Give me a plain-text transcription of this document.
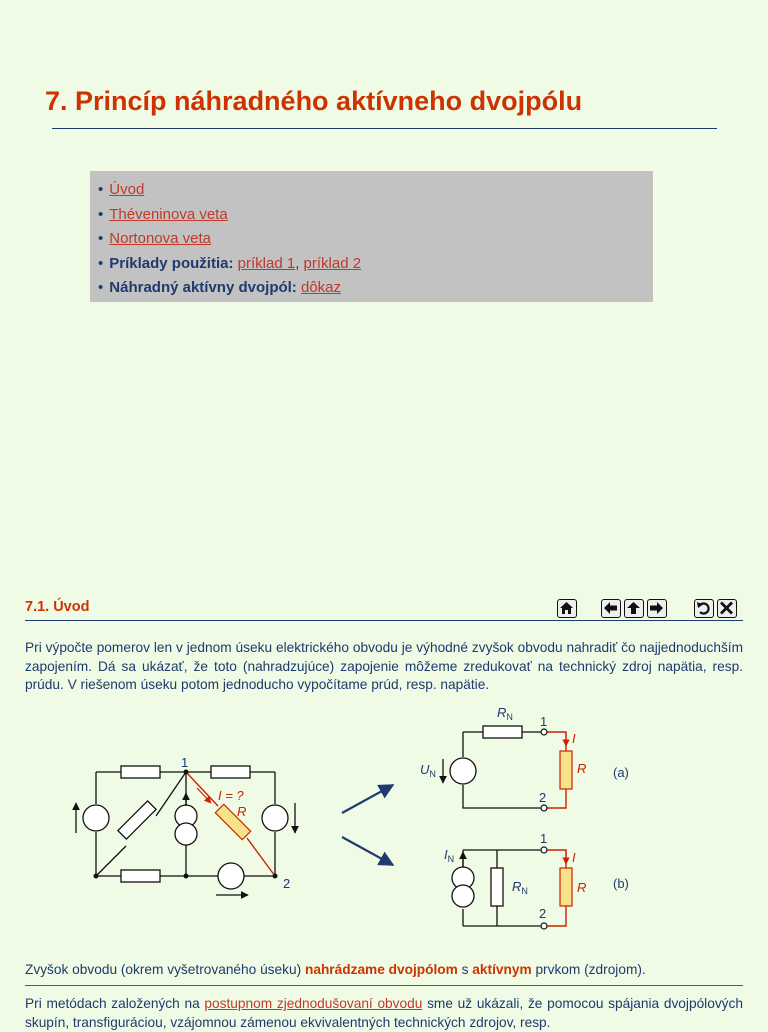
7. Princíp náhradného aktívneho dvojpólu
• Úvod
• Théveninova veta
• Nortonova veta
• Príklady použitia: príklad 1, príklad 2
• Náhradný aktívny dvojpól: dôkaz
7.1. Úvod

Pri výpočte pomerov len v jednom úseku elektrického obvodu je výhodné zvyšok obvodu nahradiť čo najjednoduchším zapojením. Dá sa ukázať, že toto (nahradzujúce) zapojenie môžeme zredukovať na technický zdroj napätia, resp. prúdu. V riešenom úseku potom jednoducho vypočítame prúd, resp. napätie.

1
2
I = ?
R
$R_N$
$U_N$
1
2
I
R (a)
$I_N$
$R_N$
1
2
I
R (b)

Zvyšok obvodu (okrem vyšetrovaného úseku) nahrádzame dvojpólom s aktívnym prvkom (zdrojom).

Pri metódach založených na postupnom zjednodušovaní obvodu sme už ukázali, že pomocou spájania dvojpólových skupín, transfiguráciou, vzájomnou zámenou ekvivalentných technických zdrojov, resp.
